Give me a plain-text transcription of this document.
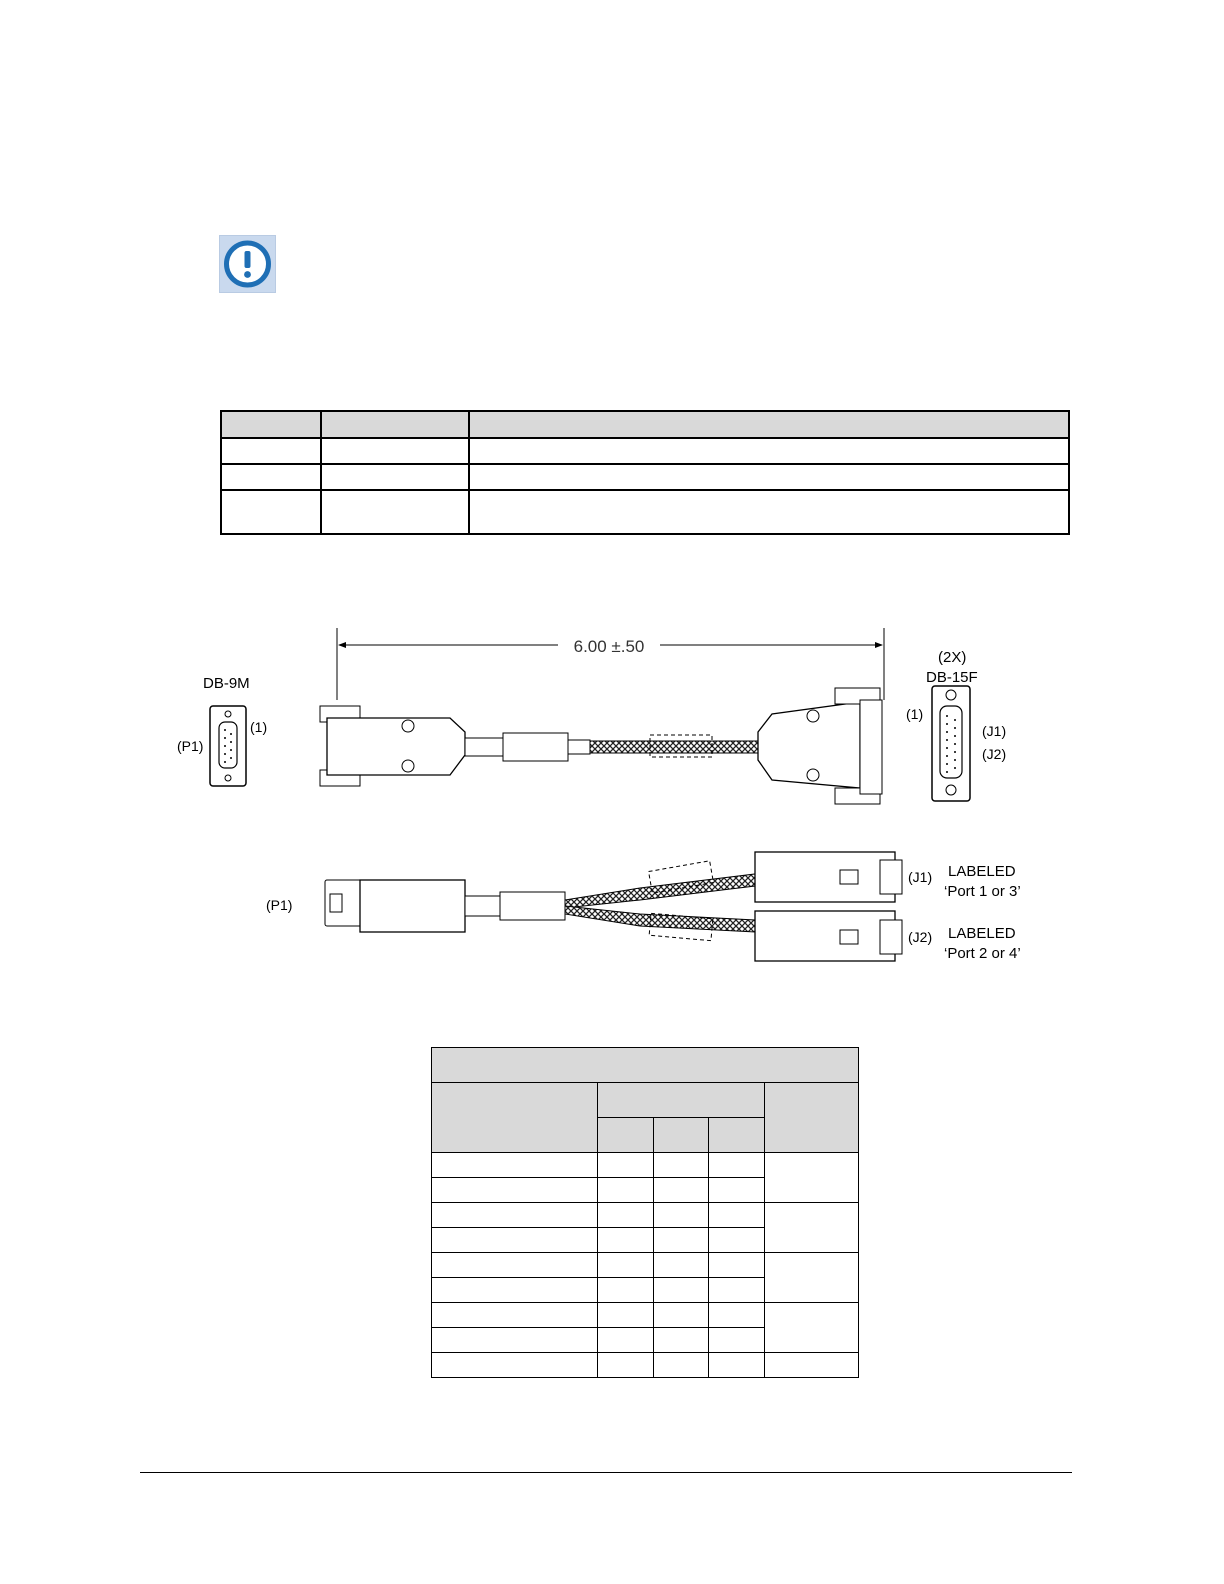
6.00 ±.50
DB-9M
(P1)
(1)
(2X)
DB-15F
(1)
(J1)
(J2)
(P1)
(J1) LABELED
‘Port 1 or 3’
(J2) LABELED
‘Port 2 or 4’
